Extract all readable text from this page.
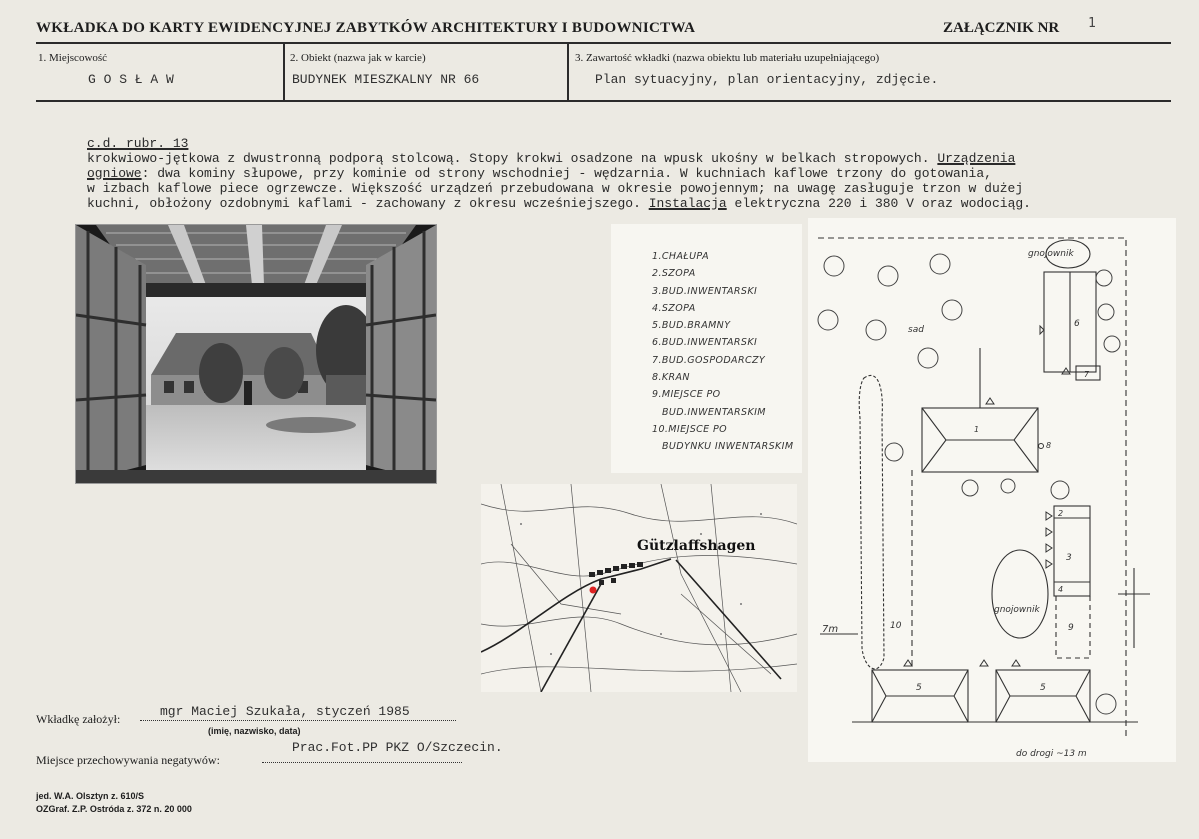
WKŁADKA DO KARTY EWIDENCYJNEJ ZABYTKÓW ARCHITEKTURY I BUDOWNICTWA	ZAŁĄCZNIK NR 1
1. Miejscowość
G O S Ł A W
2. Obiekt (nazwa jak w karcie)
BUDYNEK MIESZKALNY NR 66
3. Zawartość wkładki (nazwa obiektu lub materiału uzupełniającego)
Plan sytuacyjny, plan orientacyjny, zdjęcie.
c.d. rubr. 13
krokwiowo-jętkowa z dwustronną podporą stolcową. Stopy krokwi osadzone na wpusk ukośny w belkach stropowych. Urządzenia
ogniowe: dwa kominy słupowe, przy kominie od strony wschodniej - wędzarnia. W kuchniach kaflowe trzony do gotowania,
w izbach kaflowe piece ogrzewcze. Większość urządzeń przebudowana w okresie powojennym; na uwagę zasługuje trzon w dużej
kuchni, obłożony ozdobnymi kaflami - zachowany z okresu wcześniejszego. Instalacja elektryczna 220 i 380 V oraz wodociąg.
1.CHAŁUPA
2.SZOPA
3.BUD.INWENTARSKI
4.SZOPA
5.BUD.BRAMNY
6.BUD.INWENTARSKI
7.BUD.GOSPODARCZY
8.KRAN
9.MIEJSCE PO
BUD.INWENTARSKIM
10.MIEJSCE PO
BUDYNKU INWENTARSKIM
gnojownik
gnojownik
sad
7m
do drogi ~13 m
1
2
3
4
5	5
6
7
8
9
10
Gützlaffshagen
Wkładkę założył:	mgr Maciej Szukała, styczeń 1985
(imię, nazwisko, data)
Miejsce przechowywania negatywów:
Prac.Fot.PP PKZ O/Szczecin.
jed. W.A. Olsztyn z. 610/S
OZGraf. Z.P. Ostróda z. 372 n. 20 000
